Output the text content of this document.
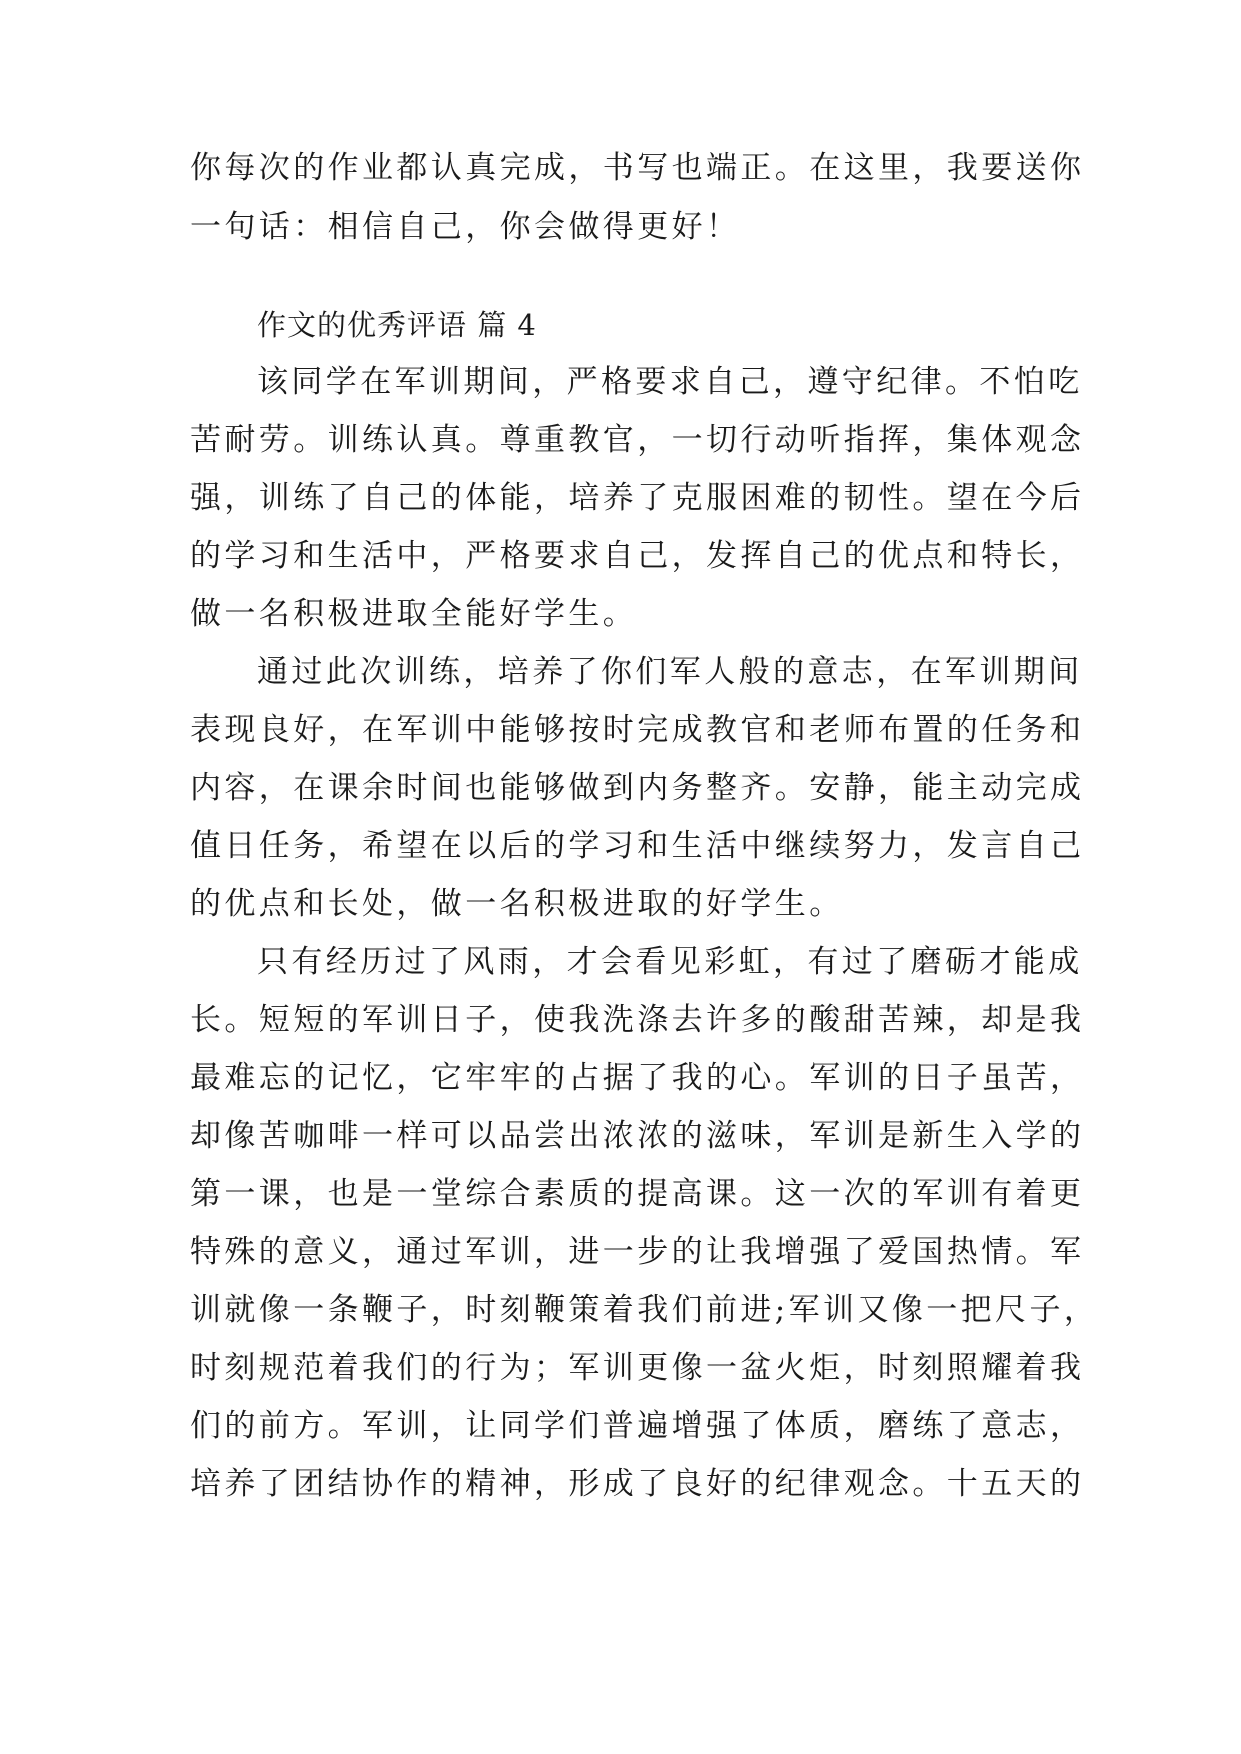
你每次的作业都认真完成，书写也端正。在这里，我要送你
一句话：相信自己，你会做得更好！
作文的优秀评语 篇 4
该同学在军训期间，严格要求自己，遵守纪律。不怕吃
苦耐劳。训练认真。尊重教官，一切行动听指挥，集体观念
强，训练了自己的体能，培养了克服困难的韧性。望在今后
的学习和生活中，严格要求自己，发挥自己的优点和特长，
做一名积极进取全能好学生。
通过此次训练，培养了你们军人般的意志，在军训期间
表现良好，在军训中能够按时完成教官和老师布置的任务和
内容，在课余时间也能够做到内务整齐。安静，能主动完成
值日任务，希望在以后的学习和生活中继续努力，发言自己
的优点和长处，做一名积极进取的好学生。
只有经历过了风雨，才会看见彩虹，有过了磨砺才能成
长。短短的军训日子，使我洗涤去许多的酸甜苦辣，却是我
最难忘的记忆，它牢牢的占据了我的心。军训的日子虽苦，
却像苦咖啡一样可以品尝出浓浓的滋味，军训是新生入学的
第一课，也是一堂综合素质的提高课。这一次的军训有着更
特殊的意义，通过军训，进一步的让我增强了爱国热情。军
训就像一条鞭子，时刻鞭策着我们前进;军训又像一把尺子，
时刻规范着我们的行为；军训更像一盆火炬，时刻照耀着我
们的前方。军训，让同学们普遍增强了体质，磨练了意志，
培养了团结协作的精神，形成了良好的纪律观念。十五天的
